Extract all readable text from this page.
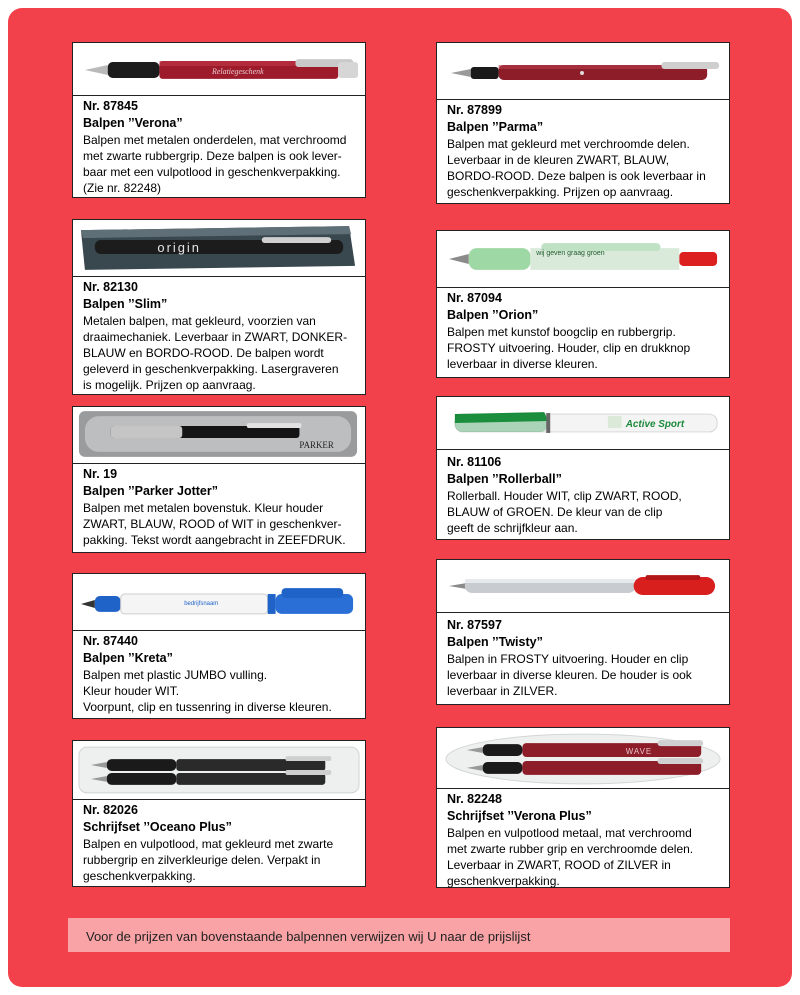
Relatiegeschenk
Nr. 87845
Balpen ’’Verona”
Balpen met metalen onderdelen, mat verchroomd
met zwarte rubbergrip. Deze balpen is ook lever-
baar met een vulpotlood in geschenkverpakking.
(Zie nr. 82248)
Nr. 87899
Balpen ’’Parma”
Balpen mat gekleurd met verchroomde delen.
Leverbaar in de kleuren ZWART, BLAUW,
BORDO-ROOD. Deze balpen is ook leverbaar in
geschenkverpakking. Prijzen op aanvraag.
origin
Nr. 82130
Balpen ’’Slim”
Metalen balpen, mat gekleurd, voorzien van
draaimechaniek. Leverbaar in ZWART, DONKER-
BLAUW en BORDO-ROOD. De balpen wordt
geleverd in geschenkverpakking. Lasergraveren
is mogelijk. Prijzen op aanvraag.
wij geven graag groen
Nr. 87094
Balpen ’’Orion”
Balpen met kunstof boogclip en rubbergrip.
FROSTY uitvoering. Houder, clip en drukknop
leverbaar in diverse kleuren.
PARKER
Nr. 19
Balpen ’’Parker Jotter”
Balpen met metalen bovenstuk. Kleur houder
ZWART, BLAUW, ROOD of WIT in geschenkver-
pakking. Tekst wordt aangebracht in ZEEFDRUK.
Active Sport
Nr. 81106
Balpen ’’Rollerball”
Rollerball. Houder WIT, clip ZWART, ROOD,
BLAUW of GROEN. De kleur van de clip
geeft de schrijfkleur aan.
bedrijfsnaam
Nr. 87440
Balpen ’’Kreta”
Balpen met plastic JUMBO vulling.
Kleur houder WIT.
Voorpunt, clip en tussenring in diverse kleuren.
Nr. 87597
Balpen ’’Twisty”
Balpen in FROSTY uitvoering. Houder en clip
leverbaar in diverse kleuren. De houder is ook
leverbaar in ZILVER.
Nr. 82026
Schrijfset ’’Oceano Plus”
Balpen en vulpotlood, mat gekleurd met zwarte
rubbergrip en zilverkleurige delen. Verpakt in
geschenkverpakking.
WAVE
Nr. 82248
Schrijfset ’’Verona Plus”
Balpen en vulpotlood metaal, mat verchroomd
met zwarte rubber grip en verchroomde delen.
Leverbaar in ZWART, ROOD of ZILVER in
geschenkverpakking.
Voor de prijzen van bovenstaande balpennen verwijzen wij U naar de prijslijst
